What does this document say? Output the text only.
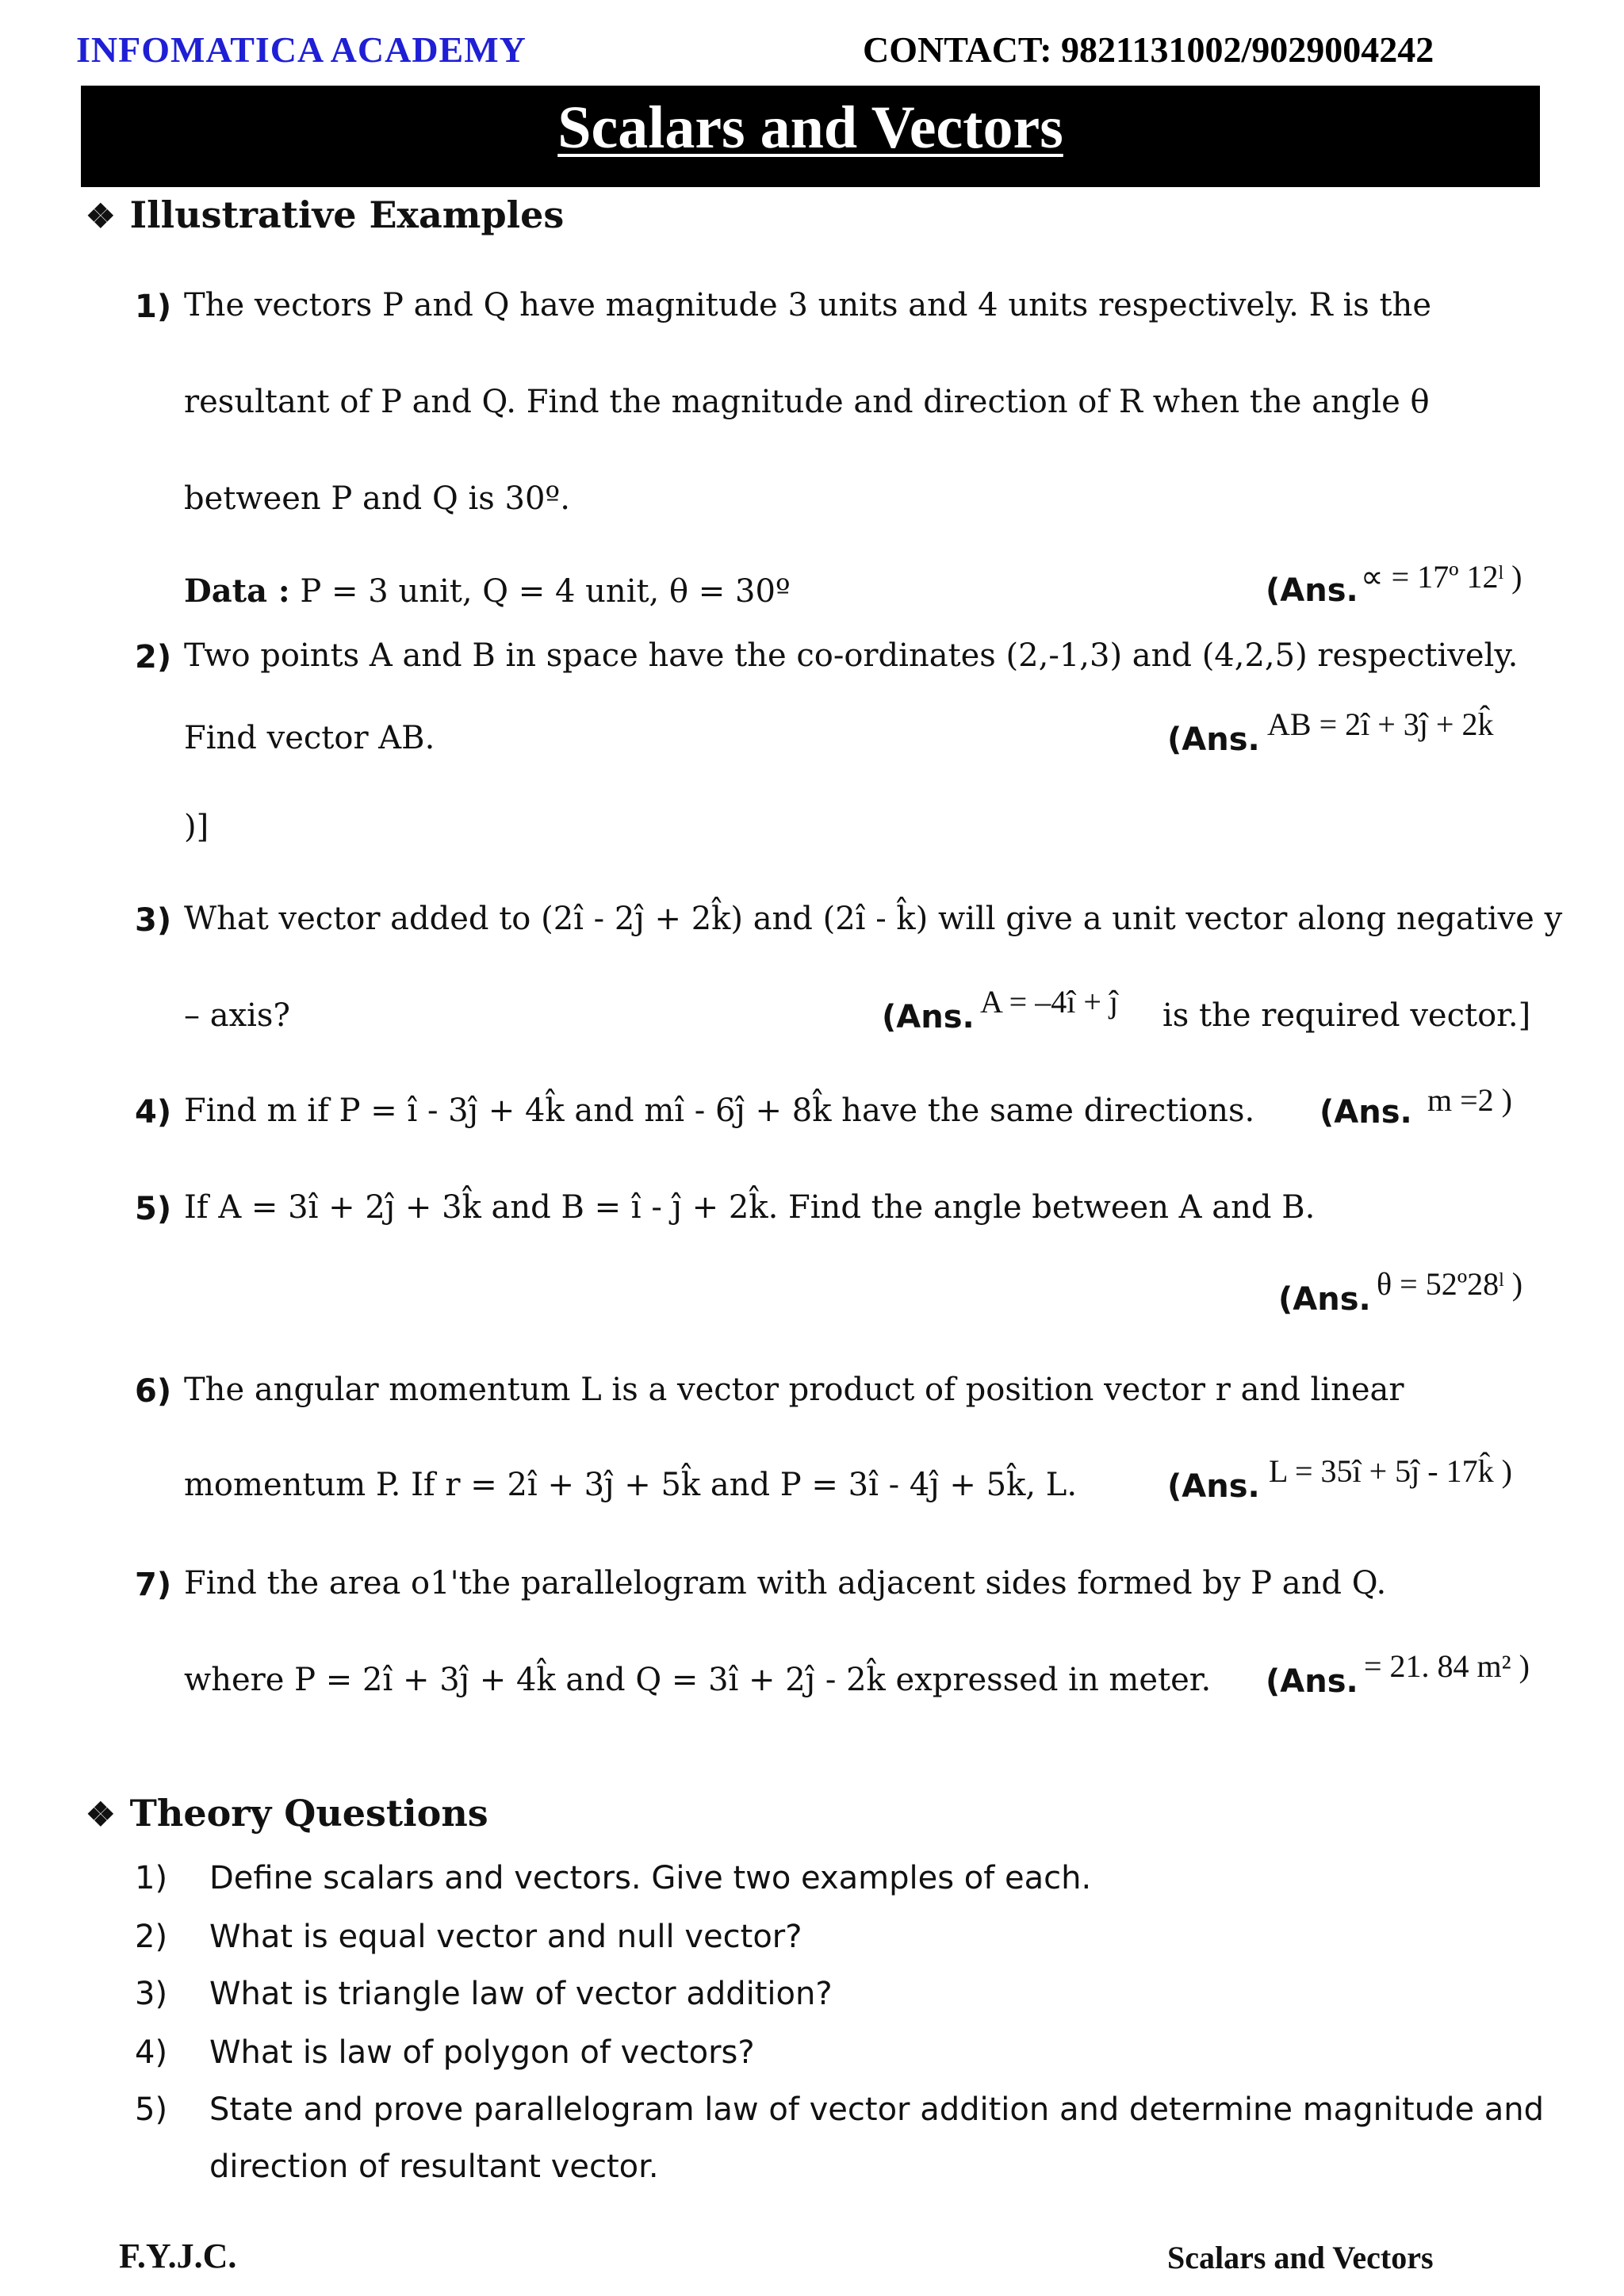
INFOMATICA ACADEMY	CONTACT: 9821131002/9029004242
Scalars and Vectors
❖ Illustrative Examples
1) The vectors P and Q have magnitude 3 units and 4 units respectively. R is the
resultant of P and Q. Find the magnitude and direction of R when the angle θ
between P and Q is 30º.
Data : P = 3 unit, Q = 4 unit, θ = 30º	(Ans. ∝ = 17º 12ˡ )
2) Two points A and B in space have the co-ordinates (2,-1,3) and (4,2,5) respectively.
Find vector AB.	(Ans. AB = 2î + 3ĵ + 2k̂
)]
3) What vector added to (2î - 2ĵ + 2k̂) and (2î - k̂) will give a unit vector along negative y
– axis?	(Ans. A = –4î + ĵ is the required vector.]
4) Find m if P = î - 3ĵ + 4k̂ and mî - 6ĵ + 8k̂ have the same directions. (Ans. m =2 )
5) If A = 3î + 2ĵ + 3k̂ and B = î - ĵ + 2k̂. Find the angle between A and B.
(Ans. θ = 52º28ˡ )
6) The angular momentum L is a vector product of position vector r and linear
momentum P. If r = 2î + 3ĵ + 5k̂ and P = 3î - 4ĵ + 5k̂, L.	(Ans. L = 35î + 5ĵ - 17k̂ )
7) Find the area o1'the parallelogram with adjacent sides formed by P and Q.
where P = 2î + 3ĵ + 4k̂ and Q = 3î + 2ĵ - 2k̂ expressed in meter. (Ans. = 21. 84 m² )
❖ Theory Questions
1) Define scalars and vectors. Give two examples of each.
2) What is equal vector and null vector?
3) What is triangle law of vector addition?
4) What is law of polygon of vectors?
5) State and prove parallelogram law of vector addition and determine magnitude and
direction of resultant vector.
F.Y.J.C.	Scalars and Vectors
